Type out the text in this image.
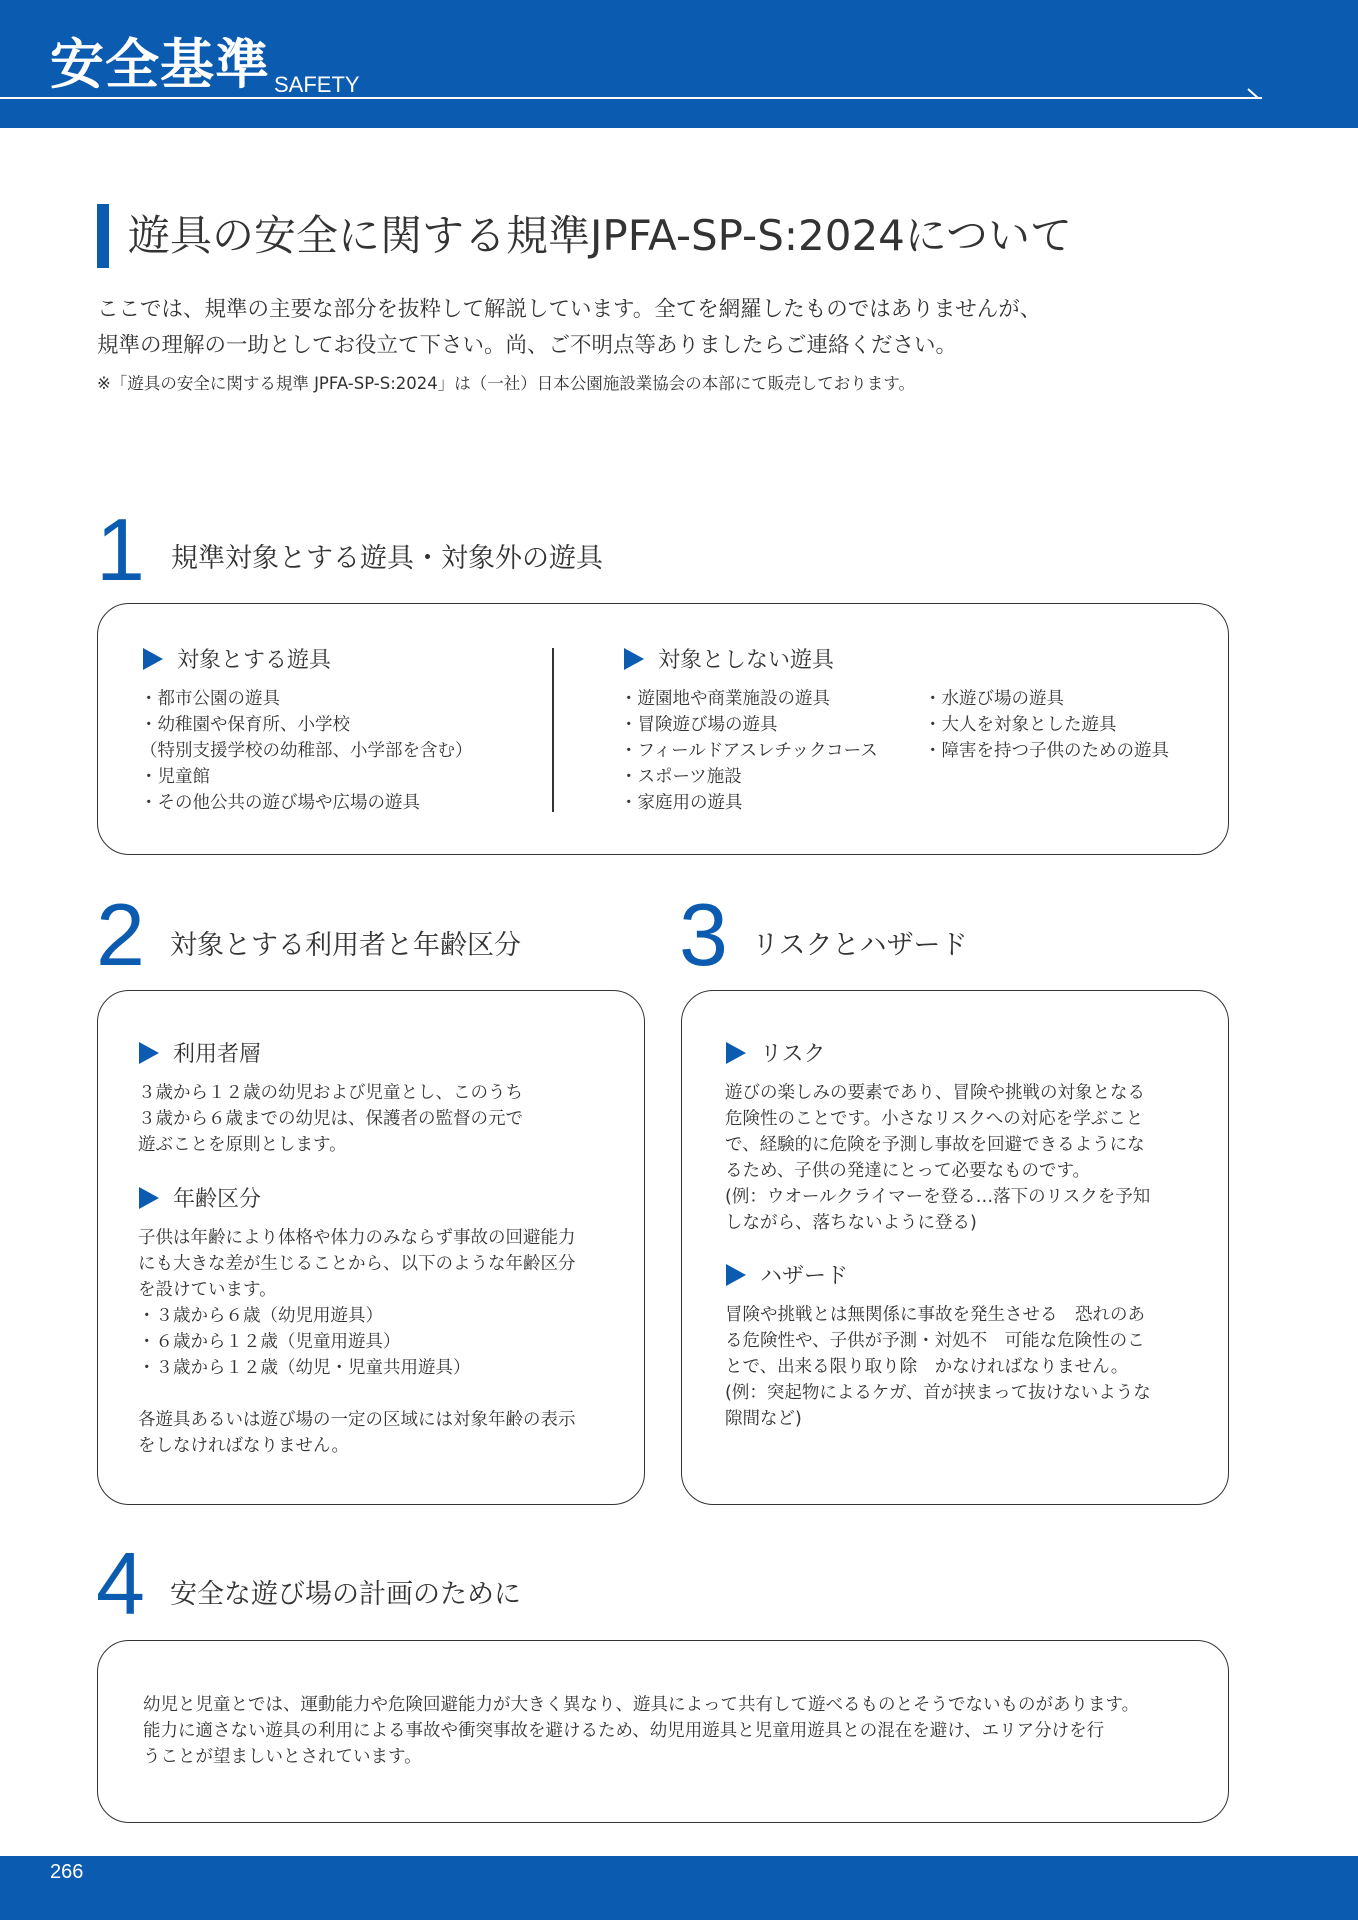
安全基準 SAFETY
遊具の安全に関する規準JPFA-SP-S:2024について
ここでは、規準の主要な部分を抜粋して解説しています。全てを網羅したものではありませんが、
規準の理解の一助としてお役立て下さい。尚、ご不明点等ありましたらご連絡ください。
※「遊具の安全に関する規準 JPFA-SP-S:2024」は（一社）日本公園施設業協会の本部にて販売しております。
1 規準対象とする遊具・対象外の遊具
対象とする遊具
・都市公園の遊具
・幼稚園や保育所、小学校
（特別支援学校の幼稚部、小学部を含む）
・児童館
・その他公共の遊び場や広場の遊具
対象としない遊具
・遊園地や商業施設の遊具
・冒険遊び場の遊具
・フィールドアスレチックコース
・スポーツ施設
・家庭用の遊具
・水遊び場の遊具
・大人を対象とした遊具
・障害を持つ子供のための遊具
2 対象とする利用者と年齢区分
利用者層
３歳から１２歳の幼児および児童とし、このうち
３歳から６歳までの幼児は、保護者の監督の元で
遊ぶことを原則とします。
年齢区分
子供は年齢により体格や体力のみならず事故の回避能力
にも大きな差が生じることから、以下のような年齢区分
を設けています。
・３歳から６歳（幼児用遊具）
・６歳から１２歳（児童用遊具）
・３歳から１２歳（幼児・児童共用遊具）

各遊具あるいは遊び場の一定の区域には対象年齢の表示
をしなければなりません。
3 リスクとハザード
リスク
遊びの楽しみの要素であり、冒険や挑戦の対象となる
危険性のことです。小さなリスクへの対応を学ぶこと
で、経験的に危険を予測し事故を回避できるようにな
るため、子供の発達にとって必要なものです。
(例：ウオールクライマーを登る…落下のリスクを予知
しながら、落ちないように登る)
ハザード
冒険や挑戦とは無関係に事故を発生させる　恐れのあ
る危険性や、子供が予測・対処不　可能な危険性のこ
とで、出来る限り取り除　かなければなりません。
(例：突起物によるケガ、首が挟まって抜けないような
隙間など)
4 安全な遊び場の計画のために
幼児と児童とでは、運動能力や危険回避能力が大きく異なり、遊具によって共有して遊べるものとそうでないものがあります。
能力に適さない遊具の利用による事故や衝突事故を避けるため、幼児用遊具と児童用遊具との混在を避け、エリア分けを行
うことが望ましいとされています。
266
